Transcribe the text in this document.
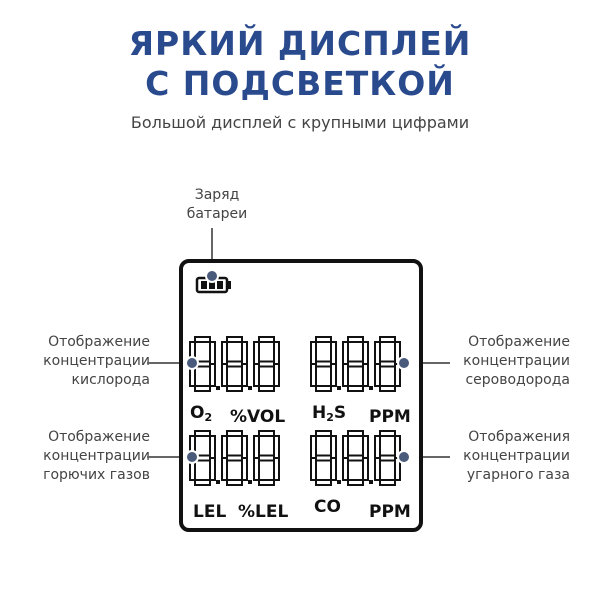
ЯРКИЙ ДИСПЛЕЙ
С ПОДСВЕТКОЙ
Большой дисплей с крупными цифрами
Заряд
батареи
Отображение
концентрации
кислорода
Отображение
концентрации
горючих газов
Отображение
концентрации
сероводорода
Отображения
концентрации
угарного газа
O2 %VOL H2S PPM
LEL %LEL CO PPM
